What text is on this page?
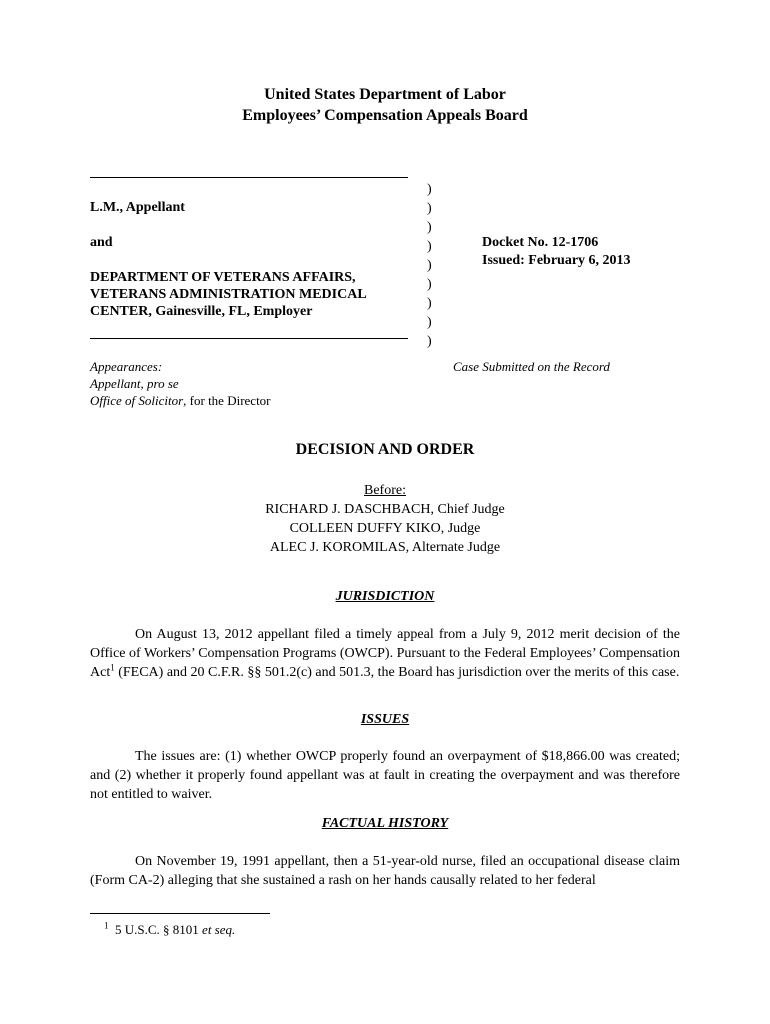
United States Department of Labor
Employees’ Compensation Appeals Board
L.M., Appellant
and
DEPARTMENT OF VETERANS AFFAIRS,
VETERANS ADMINISTRATION MEDICAL
CENTER, Gainesville, FL, Employer
)
)
)
)
)
)
)
)
)
Docket No. 12-1706
Issued: February 6, 2013
Appearances:
Appellant, pro se
Office of Solicitor, for the Director
Case Submitted on the Record
DECISION AND ORDER
Before:
RICHARD J. DASCHBACH, Chief Judge
COLLEEN DUFFY KIKO, Judge
ALEC J. KOROMILAS, Alternate Judge
JURISDICTION
On August 13, 2012 appellant filed a timely appeal from a July 9, 2012 merit decision of the Office of Workers’ Compensation Programs (OWCP). Pursuant to the Federal Employees’ Compensation Act$^1$ (FECA) and 20 C.F.R. §§ 501.2(c) and 501.3, the Board has jurisdiction over the merits of this case.
ISSUES
The issues are: (1) whether OWCP properly found an overpayment of $18,866.00 was created; and (2) whether it properly found appellant was at fault in creating the overpayment and was therefore not entitled to waiver.
FACTUAL HISTORY
On November 19, 1991 appellant, then a 51-year-old nurse, filed an occupational disease claim (Form CA-2) alleging that she sustained a rash on her hands causally related to her federal
$^1$ 5 U.S.C. § 8101 et seq.
